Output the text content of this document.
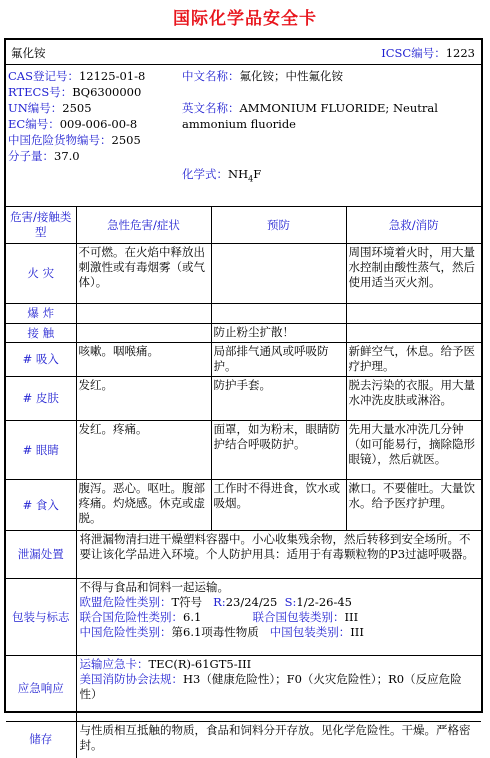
国际化学品安全卡
氟化铵	ICSC编号：1223
CAS登记号：12125-01-8
RTECS号：BQ6300000
UN编号：2505
EC编号：009-006-00-8
中国危险货物编号：2505
分子量：37.0
中文名称：氟化铵；中性氟化铵
英文名称：AMMONIUM FLUORIDE; Neutral ammonium fluoride
化学式：$NH_4F$
危害/接触类型	急性危害/症状	预防	急救/消防
火 灾	不可燃。在火焰中释放出刺激性或有毒烟雾（或气体）。		周围环境着火时，用大量水控制由酸性蒸气，然后使用适当灭火剂。
爆 炸			
接 触		防止粉尘扩散！	
# 吸入	咳嗽。咽喉痛。	局部排气通风或呼吸防护。	新鲜空气，休息。给予医疗护理。
# 皮肤	发红。	防护手套。	脱去污染的衣服。用大量水冲洗皮肤或淋浴。
# 眼睛	发红。疼痛。	面罩，如为粉末，眼睛防护结合呼吸防护。	先用大量水冲洗几分钟（如可能易行，摘除隐形眼镜），然后就医。
# 食入	腹泻。恶心。呕吐。腹部疼痛。灼烧感。休克或虚脱。	工作时不得进食，饮水或吸烟。	漱口。不要催吐。大量饮水。给予医疗护理。
泄漏处置	将泄漏物清扫进干燥塑料容器中。小心收集残余物，然后转移到安全场所。不要让该化学品进入环境。个人防护用具：适用于有毒颗粒物的P3过滤呼吸器。		
包装与标志	不得与食品和饲料一起运输。
欧盟危险性类别：T符号 R:23/24/25 S:1/2-26-45
联合国危险性类别：6.1 联合国包装类别：III
中国危险性类别：第6.1项毒性物质 中国包装类别：III		

应急响应	运输应急卡：TEC(R)-61GT5-III
美国消防协会法规：H3（健康危险性）；F0（火灾危险性）；R0（反应危险性）		

储存	与性质相互抵触的物质，食品和饲料分开存放。见化学危险性。干燥。严格密封。		
